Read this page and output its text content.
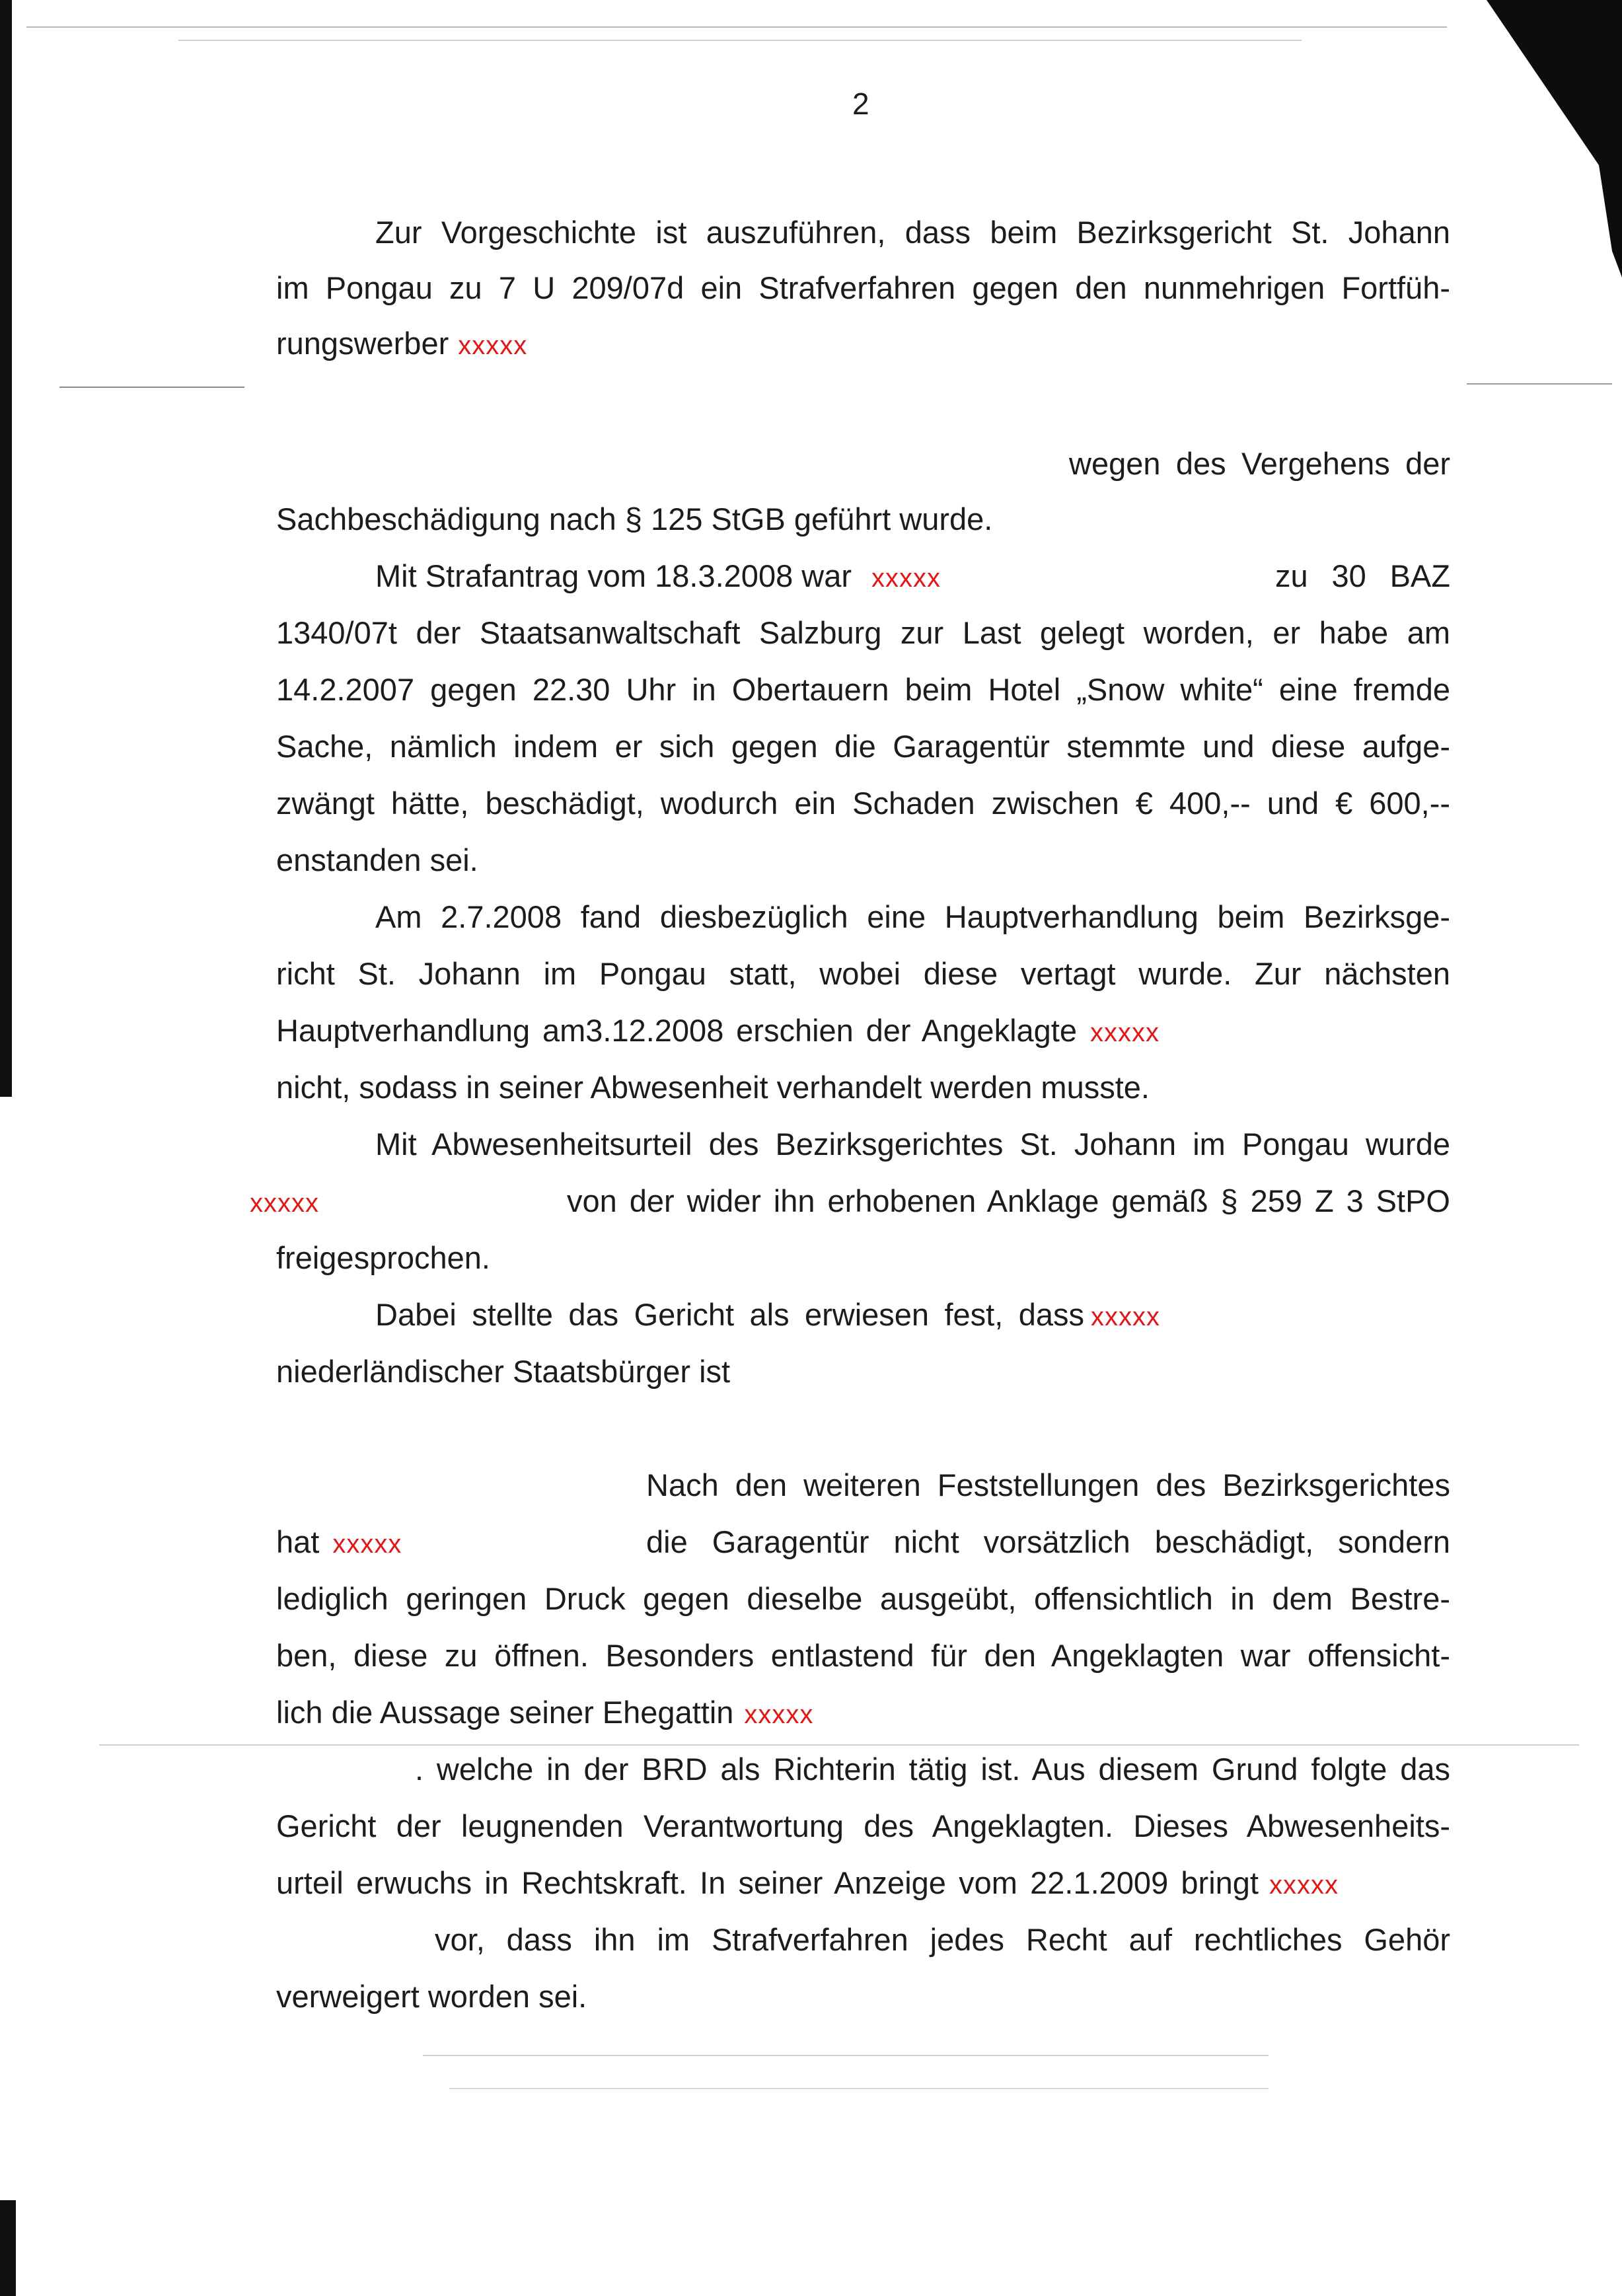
2
Zur Vorgeschichte ist auszuführen, dass beim Bezirksgericht St. Johann
im Pongau zu 7 U 209/07d ein Strafverfahren gegen den nunmehrigen Fortfüh-
rungswerber xxxxx
wegen des Vergehens der
Sachbeschädigung nach § 125 StGB geführt wurde.
Mit Strafantrag vom 18.3.2008 war xxxxx	zu 30 BAZ
1340/07t der Staatsanwaltschaft Salzburg zur Last gelegt worden, er habe am
14.2.2007 gegen 22.30 Uhr in Obertauern beim Hotel „Snow white“ eine fremde
Sache, nämlich indem er sich gegen die Garagentür stemmte und diese aufge-
zwängt hätte, beschädigt, wodurch ein Schaden zwischen € 400,-- und € 600,--
enstanden sei.
Am 2.7.2008 fand diesbezüglich eine Hauptverhandlung beim Bezirksge-
richt St. Johann im Pongau statt, wobei diese vertagt wurde. Zur nächsten
Hauptverhandlung am3.12.2008 erschien der Angeklagte xxxxx
nicht, sodass in seiner Abwesenheit verhandelt werden musste.
Mit Abwesenheitsurteil des Bezirksgerichtes St. Johann im Pongau wurde
xxxxx	von der wider ihn erhobenen Anklage gemäß § 259 Z 3 StPO
freigesprochen.
Dabei stellte das Gericht als erwiesen fest, dass xxxxx
niederländischer Staatsbürger ist
Nach den weiteren Feststellungen des Bezirksgerichtes
hat xxxxx	die Garagentür nicht vorsätzlich beschädigt, sondern
lediglich geringen Druck gegen dieselbe ausgeübt, offensichtlich in dem Bestre-
ben, diese zu öffnen. Besonders entlastend für den Angeklagten war offensicht-
lich die Aussage seiner Ehegattin xxxxx
. welche in der BRD als Richterin tätig ist. Aus diesem Grund folgte das
Gericht der leugnenden Verantwortung des Angeklagten. Dieses Abwesenheits-
urteil erwuchs in Rechtskraft. In seiner Anzeige vom 22.1.2009 bringt xxxxx
vor, dass ihn im Strafverfahren jedes Recht auf rechtliches Gehör
verweigert worden sei.
